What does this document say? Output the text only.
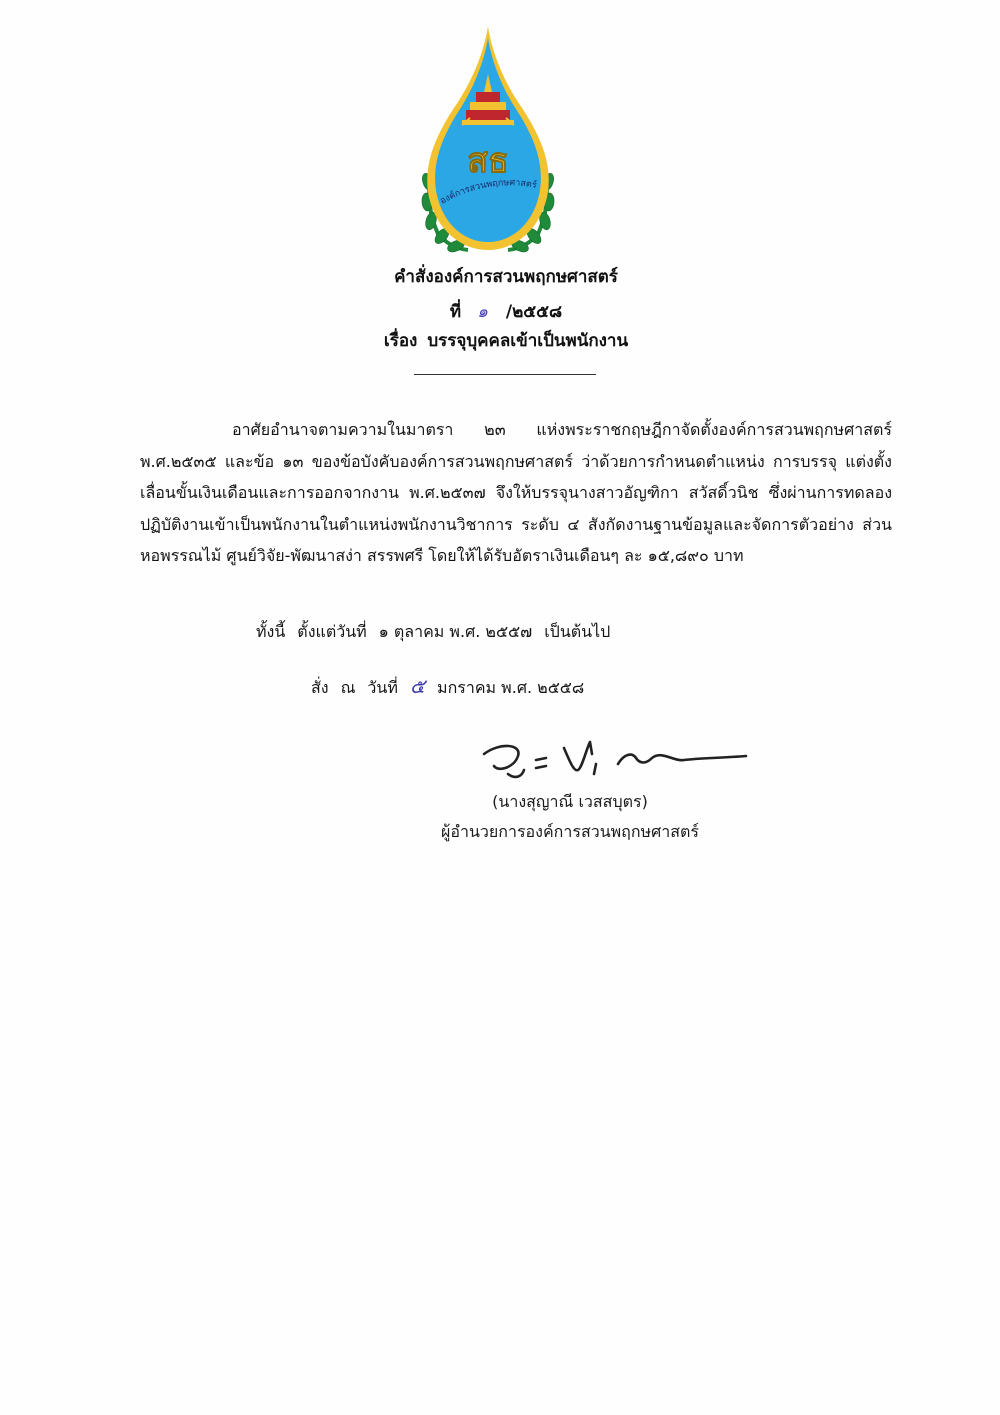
สธ
องค์การสวนพฤกษศาสตร์
คำสั่งองค์การสวนพฤกษศาสตร์
ที่ ๑ /๒๕๕๘
เรื่อง บรรจุบุคคลเข้าเป็นพนักงาน
อาศัยอำนาจตามความในมาตรา ๒๓ แห่งพระราชกฤษฎีกาจัดตั้งองค์การสวนพฤกษศาสตร์ พ.ศ.๒๕๓๕ และข้อ ๑๓ ของข้อบังคับองค์การสวนพฤกษศาสตร์ ว่าด้วยการกำหนดตำแหน่ง การบรรจุ แต่งตั้ง เลื่อนขั้นเงินเดือนและการออกจากงาน พ.ศ.๒๕๓๗ จึงให้บรรจุนางสาวอัญฑิกา สวัสดิ์วนิช ซึ่งผ่านการทดลองปฏิบัติงานเข้าเป็นพนักงานในตำแหน่งพนักงานวิชาการ ระดับ ๔ สังกัดงานฐานข้อมูลและจัดการตัวอย่าง ส่วนหอพรรณไม้ ศูนย์วิจัย-พัฒนาสง่า สรรพศรี โดยให้ได้รับอัตราเงินเดือนๆ ละ ๑๕,๘๙๐ บาท
ทั้งนี้ ตั้งแต่วันที่ ๑ ตุลาคม พ.ศ. ๒๕๕๗ เป็นต้นไป
สั่ง ณ วันที่ ๕ มกราคม พ.ศ. ๒๕๕๘
(นางสุญาณี เวสสบุตร)
ผู้อำนวยการองค์การสวนพฤกษศาสตร์
